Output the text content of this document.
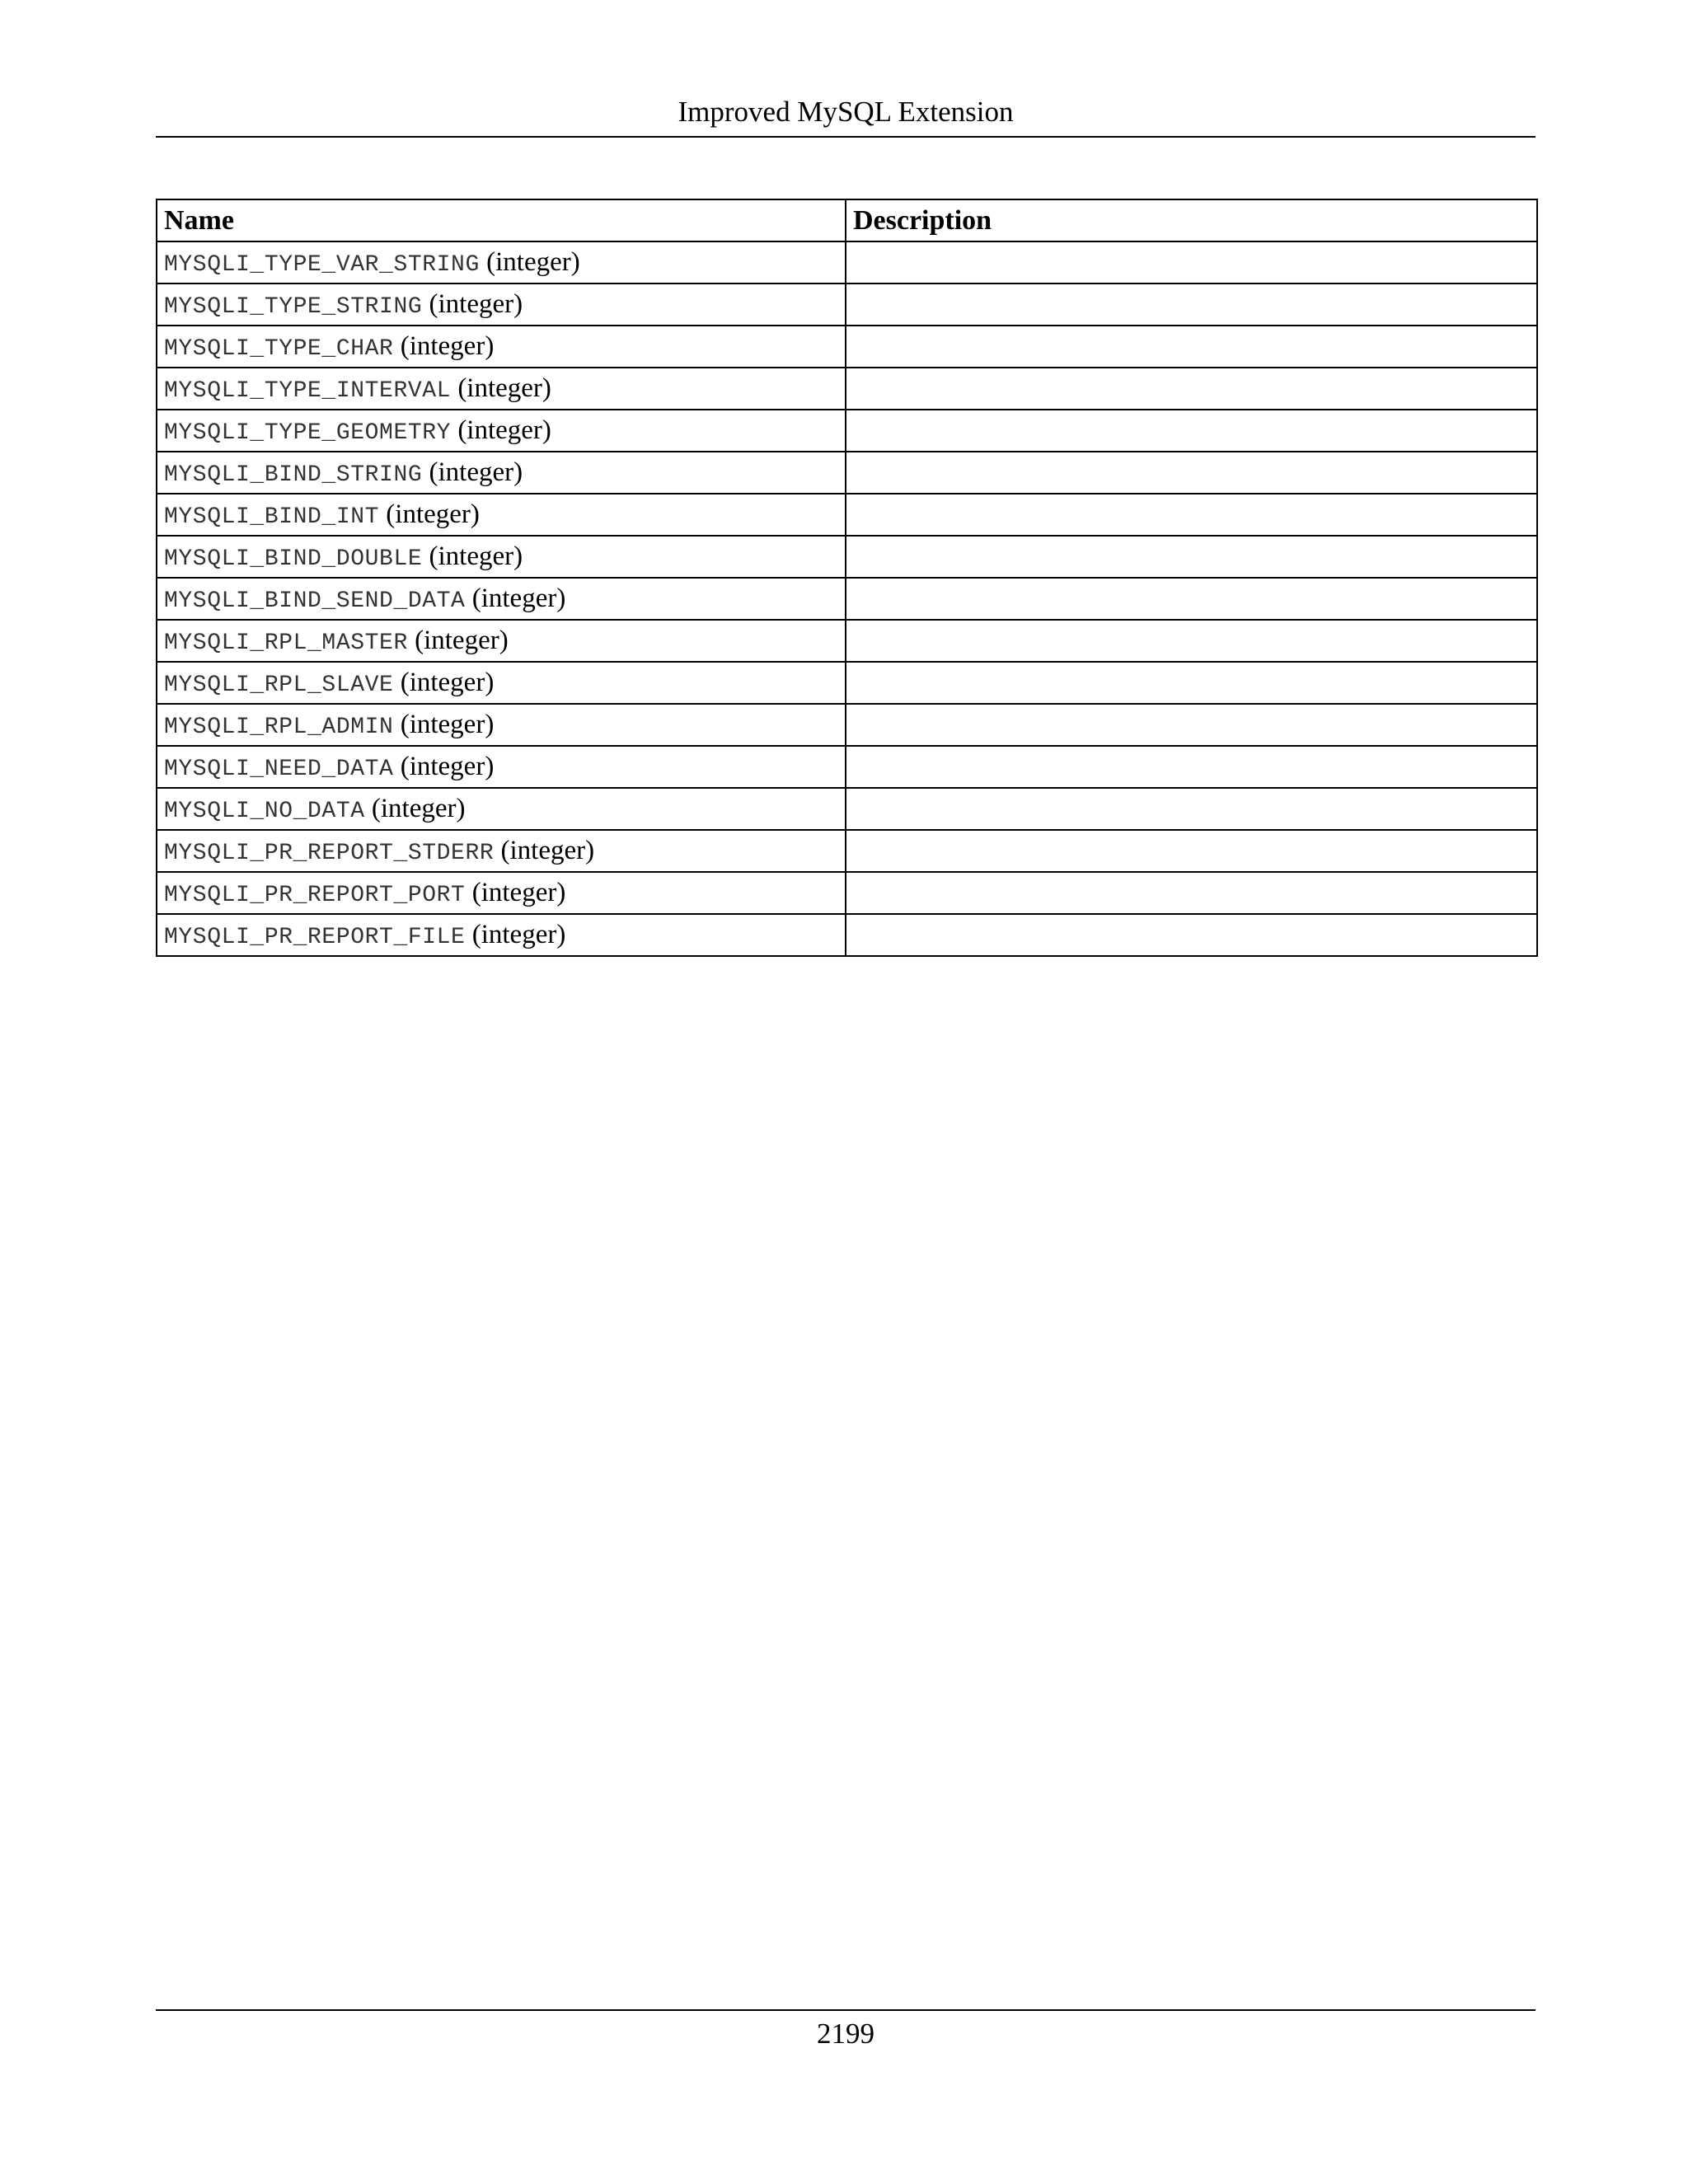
Improved MySQL Extension
Name	Description
MYSQLI_TYPE_VAR_STRING (integer)	
MYSQLI_TYPE_STRING (integer)	
MYSQLI_TYPE_CHAR (integer)	
MYSQLI_TYPE_INTERVAL (integer)	
MYSQLI_TYPE_GEOMETRY (integer)	
MYSQLI_BIND_STRING (integer)	
MYSQLI_BIND_INT (integer)	
MYSQLI_BIND_DOUBLE (integer)	
MYSQLI_BIND_SEND_DATA (integer)	
MYSQLI_RPL_MASTER (integer)	
MYSQLI_RPL_SLAVE (integer)	
MYSQLI_RPL_ADMIN (integer)	
MYSQLI_NEED_DATA (integer)	
MYSQLI_NO_DATA (integer)	
MYSQLI_PR_REPORT_STDERR (integer)	
MYSQLI_PR_REPORT_PORT (integer)	
MYSQLI_PR_REPORT_FILE (integer)	
2199
